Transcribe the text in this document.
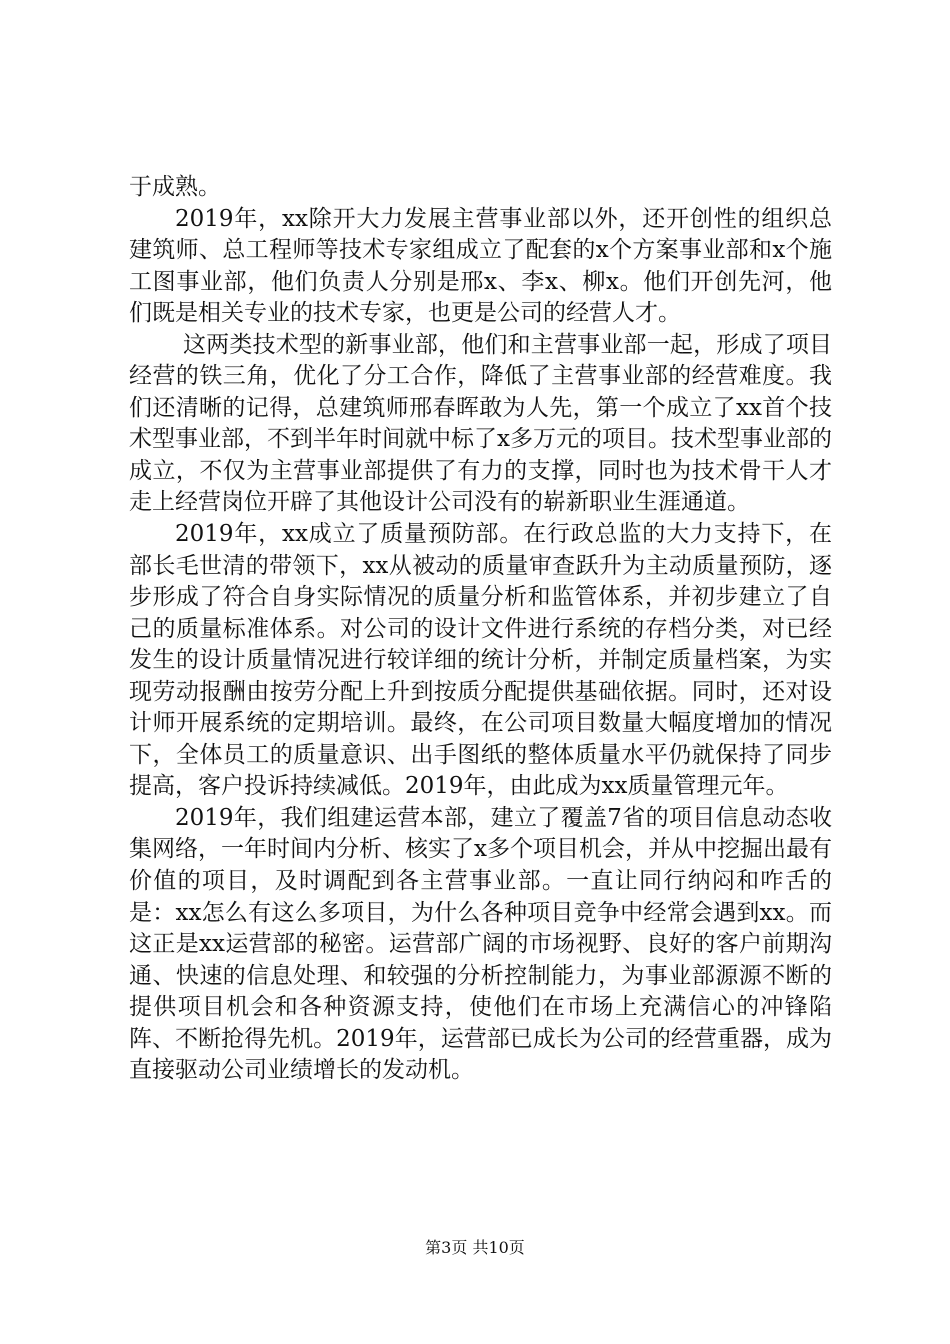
于成熟。

2019年，xx除开大力发展主营事业部以外，还开创性的组织总建筑师、总工程师等技术专家组成立了配套的x个方案事业部和x个施工图事业部，他们负责人分别是邢x、李x、柳x。他们开创先河，他们既是相关专业的技术专家，也更是公司的经营人才。

这两类技术型的新事业部，他们和主营事业部一起，形成了项目经营的铁三角，优化了分工合作，降低了主营事业部的经营难度。我们还清晰的记得，总建筑师邢春晖敢为人先，第一个成立了xx首个技术型事业部，不到半年时间就中标了x多万元的项目。技术型事业部的成立，不仅为主营事业部提供了有力的支撑，同时也为技术骨干人才走上经营岗位开辟了其他设计公司没有的崭新职业生涯通道。

2019年，xx成立了质量预防部。在行政总监的大力支持下，在部长毛世清的带领下，xx从被动的质量审查跃升为主动质量预防，逐步形成了符合自身实际情况的质量分析和监管体系，并初步建立了自己的质量标准体系。对公司的设计文件进行系统的存档分类，对已经发生的设计质量情况进行较详细的统计分析，并制定质量档案，为实现劳动报酬由按劳分配上升到按质分配提供基础依据。同时，还对设计师开展系统的定期培训。最终，在公司项目数量大幅度增加的情况下，全体员工的质量意识、出手图纸的整体质量水平仍就保持了同步提高，客户投诉持续减低。2019年，由此成为xx质量管理元年。

2019年，我们组建运营本部，建立了覆盖7省的项目信息动态收集网络，一年时间内分析、核实了x多个项目机会，并从中挖掘出最有价值的项目，及时调配到各主营事业部。一直让同行纳闷和咋舌的是：xx怎么有这么多项目，为什么各种项目竞争中经常会遇到xx。而这正是xx运营部的秘密。运营部广阔的市场视野、良好的客户前期沟通、快速的信息处理、和较强的分析控制能力，为事业部源源不断的提供项目机会和各种资源支持，使他们在市场上充满信心的冲锋陷阵、不断抢得先机。2019年，运营部已成长为公司的经营重器，成为直接驱动公司业绩增长的发动机。

第3页 共10页
